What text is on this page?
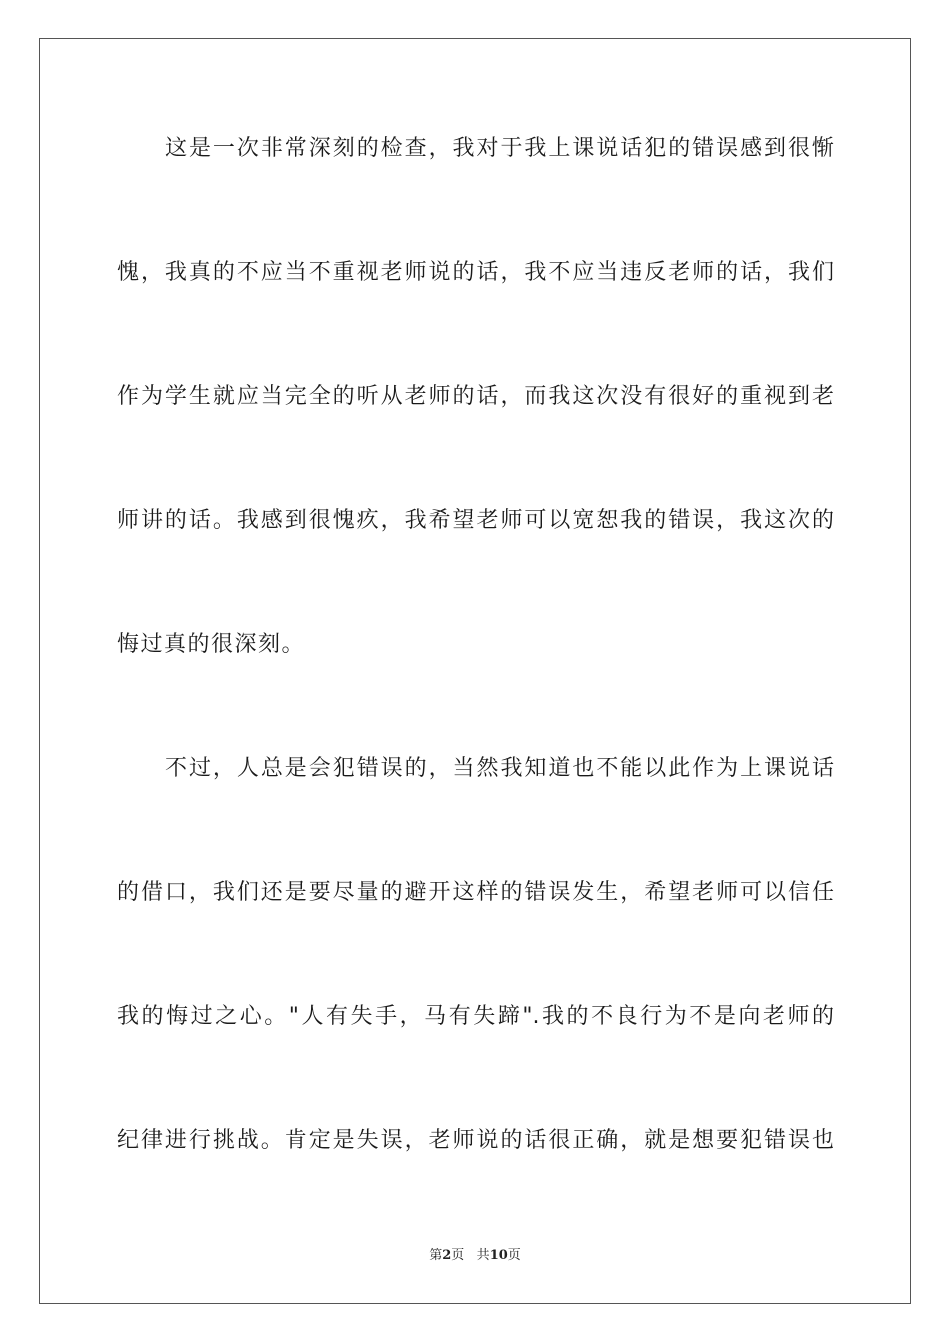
这是一次非常深刻的检查，我对于我上课说话犯的错误感到很惭
愧，我真的不应当不重视老师说的话，我不应当违反老师的话，我们
作为学生就应当完全的听从老师的话，而我这次没有很好的重视到老
师讲的话。我感到很愧疚，我希望老师可以宽恕我的错误，我这次的
悔过真的很深刻。
不过，人总是会犯错误的，当然我知道也不能以此作为上课说话
的借口，我们还是要尽量的避开这样的错误发生，希望老师可以信任
我的悔过之心。"人有失手，马有失蹄".我的不良行为不是向老师的
纪律进行挑战。肯定是失误，老师说的话很正确，就是想要犯错误也
第2页 共10页
